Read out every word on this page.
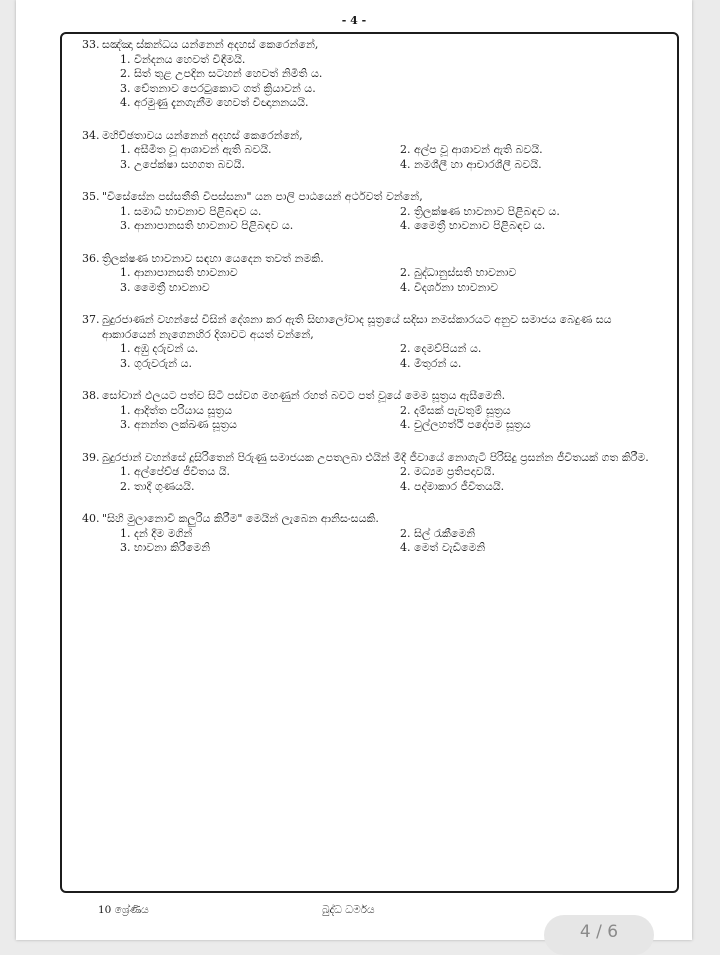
- 4 -
33. සඤ්ඤා ස්කන්ධය යන්නෙන් අදහස් කෙරෙන්නේ,
1. වින්දනය හෙවත් විඳීමයි.
2. සිත් තුළ උපදින සටහන් හෙවත් නිමිති ය.
3. චේතනාව පෙරටුකොට ගත් ක්‍රියාවන් ය.
4. අරමුණු දැනගැනීම හෙවත් විඥානනයයි.
34. මහිච්ඡතාවය යන්නෙන් අදහස් කෙරෙන්නේ,
1. අසීමිත වූ ආශාවන් ඇති බවයි.	2. අල්ප වූ ආශාවන් ඇති බවයි.
3. උපේක්ෂා සහගත බවයි.	4. නමශීලී හා ආචාරශීලී බවයි.
35. "විසේසේන පස්සතීති විපස්සනා" යන පාලි පාඨයෙන් අර්ථවත් වන්නේ,
1. සමාධි භාවනාව පිළිබඳව ය.	2. ත්‍රිලක්ෂණ භාවනාව පිළිබඳව ය.
3. ආනාපානසති භාවනාව පිළිබඳව ය.	4. මෛත්‍රී භාවනාව පිළිබඳව ය.
36. ත්‍රිලක්ෂණ භාවනාව සඳහා යෙදෙන තවත් නමකි.
1. ආනාපානසති භාවනාව	2. බුද්ධානුස්සති භාවනාව
3. මෛත්‍රී භාවනාව	4. විදර්ශනා භාවනාව
37. බුදුරජාණන් වහන්සේ විසින් දේශනා කර ඇති සිඟාලෝවාද සූත්‍රයේ සදිසා නමස්කාරයට අනුව සමාජය බෙදුණ සය ආකාරයෙන් නැගෙනහිර දිශාවට අයත් වන්නේ,
1. අඹු දරුවන් ය.	2. දෙමව්පියන් ය.
3. ගුරුවරුන් ය.	4. මිතුරන් ය.
38. සෝවාන් ඵලයට පත්ව සිටි පස්වග මහණුන් රහත් බවට පත් වූයේ මෙම සූත්‍රය ඇසීමෙනි.
1. ආදිත්ත පරියාය සූත්‍රය	2. දම්සක් පැවතුම් සූත්‍රය
3. අනන්ත ලක්ඛණ සූත්‍රය	4. චුල්ලහත්ථි පදෝපම සූත්‍රය
39. බුදුරජාන් වහන්සේ දූසිරිතෙන් පිරුණු සමාජයක උපතලබා එයින් මිදී ජීවායේ නොගැටී පිරිසිදු ප්‍රසන්න ජීවිතයක් ගත කිරීම.
1. අල්පේච්ඡ ජීවිතය යි.	2. මධ්‍යම ප්‍රතිපදාවයි.
2. තාදී ගුණයයි.	4. පද්මාකාර ජීවිතයයි.
40. "සිහි මුලානොවී කලුරිය කිරීම" මෙයින් ලැබෙන ආනිසංසයකි.
1. දන් දීම මගින්	2. සිල් රැකීමෙනි
3. භාවනා කිරීමෙනි	4. මෙත් වැඩීමෙනි
10 ශ්‍රේණිය	බුද්ධ ධර්මය
4 / 6
